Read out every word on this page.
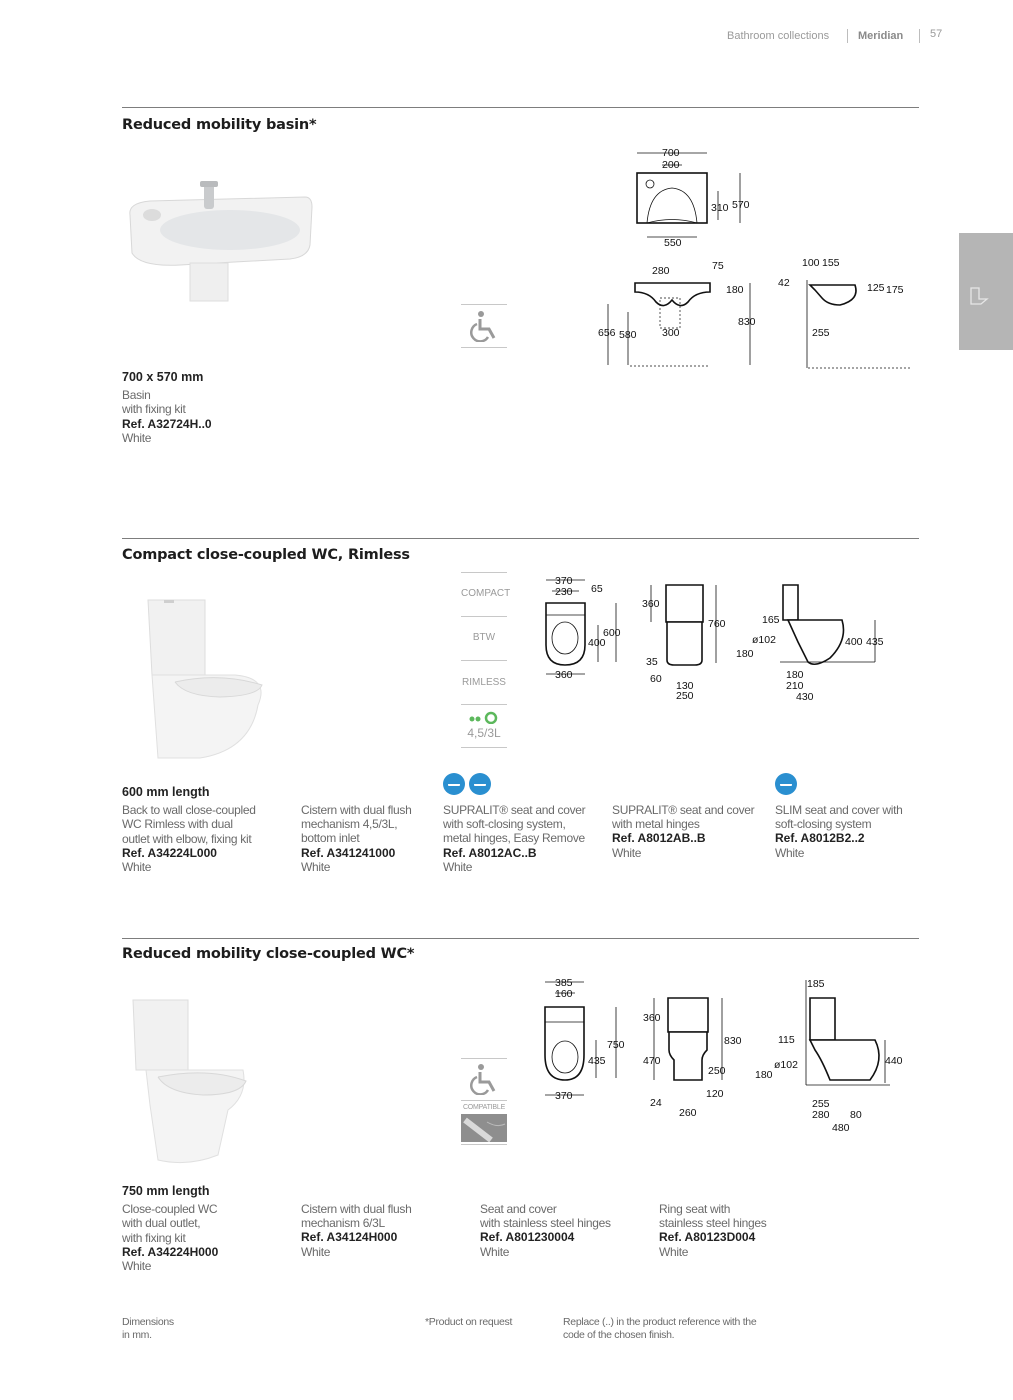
Bathroom collections	Meridian 57
Reduced mobility basin*
700
200
310 570
550
280	75
180
830
656 580 300
100 155
42	125 175
255
700 x 570 mm
Basin
with fixing kit
Ref. A32724H..0
White
Compact close-coupled WC, Rimless
COMPACT
BTW
RIMLESS
4,5/3L
370
230 65
600
400
360
360
760
35
60
130
250
165
ø102
180
400 435
180
210
430
600 mm length
Back to wall close-coupled
WC Rimless with dual
outlet with elbow, fixing kit
Ref. A34224L000
White
Cistern with dual flush
mechanism 4,5/3L,
bottom inlet
Ref. A341241000
White
SUPRALIT® seat and cover
with soft-closing system,
metal hinges, Easy Remove
Ref. A8012AC..B
White
SUPRALIT® seat and cover
with metal hinges
Ref. A8012AB..B
White
SLIM seat and cover with
soft-closing system
Ref. A8012B2..2
White
Reduced mobility close-coupled WC*
COMPATIBLE
385
160
750
435
370
360
830
470
250
24
120
260
185
115
ø102
180
440
255
280 80
480
750 mm length
Close-coupled WC
with dual outlet,
with fixing kit
Ref. A34224H000
White
Cistern with dual flush
mechanism 6/3L
Ref. A34124H000
White
Seat and cover
with stainless steel hinges
Ref. A801230004
White
Ring seat with
stainless steel hinges
Ref. A80123D004
White
Dimensions
in mm.
*Product on request	Replace (..) in the product reference with the
code of the chosen finish.
